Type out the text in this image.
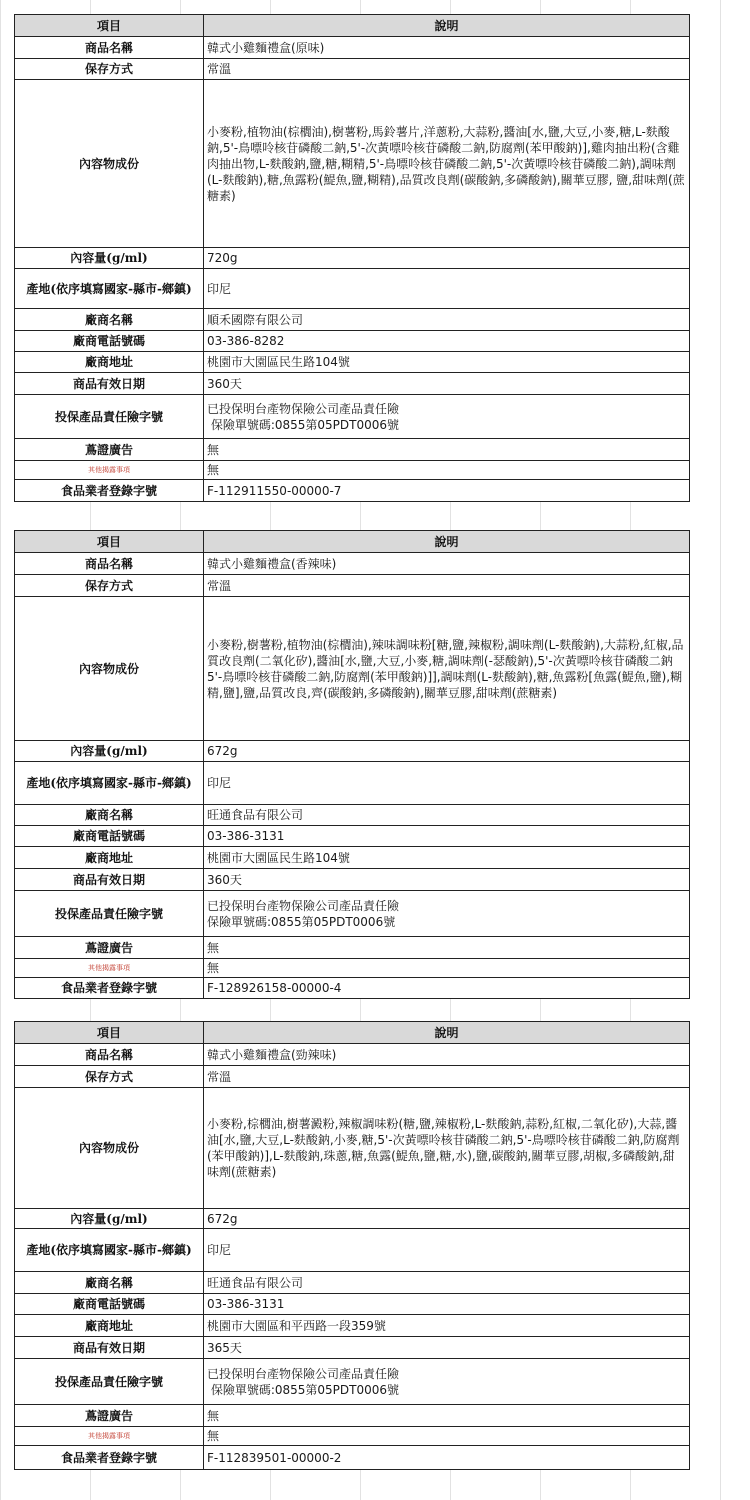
項目	說明
商品名稱	韓式小雞麵禮盒(原味)
保存方式	常溫
內容物成份	小麥粉,植物油(棕櫚油),樹薯粉,馬鈴薯片,洋蔥粉,大蒜粉,醬油[水,鹽,大豆,小麥,糖,L-麩酸鈉,5'-鳥嘌呤核苷磷酸二鈉,5'-次黃嘌呤核苷磷酸二鈉,防腐劑(苯甲酸鈉)],雞肉抽出粉(含雞肉抽出物,L-麩酸鈉,鹽,糖,糊精,5'-鳥嘌呤核苷磷酸二鈉,5'-次黃嘌呤核苷磷酸二鈉),調味劑(L-麩酸鈉),糖,魚露粉(鯷魚,鹽,糊精),品質改良劑(碳酸鈉,多磷酸鈉),關華豆膠, 鹽,甜味劑(蔗糖素)
內容量(g/ml)	720g
產地(依序填寫國家-縣市-鄉鎮)	印尼
廠商名稱	順禾國際有限公司
廠商電話號碼	03-386-8282
廠商地址	桃園市大園區民生路104號
商品有效日期	360天
投保產品責任險字號	已投保明台產物保險公司產品責任險
保險單號碼:0855第05PDT0006號

蔦證廣告	無
其他揭露事項	無
食品業者登錄字號	F-112911550-00000-7
項目	說明
商品名稱	韓式小雞麵禮盒(香辣味)
保存方式	常溫
內容物成份	小麥粉,樹薯粉,植物油(棕櫚油),辣味調味粉[糖,鹽,辣椒粉,調味劑(L-麩酸鈉),大蒜粉,紅椒,品質改良劑(二氧化矽),醬油[水,鹽,大豆,小麥,糖,調味劑(-瑟酸鈉),5'-次黃嘌呤核苷磷酸二鈉5'-鳥嘌呤核苷磷酸二鈉,防腐劑(苯甲酸鈉)]],調味劑(L-麩酸鈉),糖,魚露粉[魚露(鯷魚,鹽),糊精,鹽],鹽,品質改良,齊(碳酸鈉,多磷酸鈉),關華豆膠,甜味劑(蔗糖素)
內容量(g/ml)	672g
產地(依序填寫國家-縣市-鄉鎮)	印尼
廠商名稱	旺通食品有限公司
廠商電話號碼	03-386-3131
廠商地址	桃園市大園區民生路104號
商品有效日期	360天
投保產品責任險字號	已投保明台產物保險公司產品責任險
保險單號碼:0855第05PDT0006號

蔦證廣告	無
其他揭露事項	無
食品業者登錄字號	F-128926158-00000-4
項目	說明
商品名稱	韓式小雞麵禮盒(勁辣味)
保存方式	常溫
內容物成份	小麥粉,棕櫚油,樹薯澱粉,辣椒調味粉(糖,鹽,辣椒粉,L-麩酸鈉,蒜粉,紅椒,二氧化矽),大蒜,醬油[水,鹽,大豆,L-麩酸鈉,小麥,糖,5'-次黃嘌呤核苷磷酸二鈉,5'-鳥嘌呤核苷磷酸二鈉,防腐劑(苯甲酸鈉)],L-麩酸鈉,珠蔥,糖,魚露(鯷魚,鹽,糖,水),鹽,碳酸鈉,關華豆膠,胡椒,多磷酸鈉,甜味劑(蔗糖素)
內容量(g/ml)	672g
產地(依序填寫國家-縣市-鄉鎮)	印尼
廠商名稱	旺通食品有限公司
廠商電話號碼	03-386-3131
廠商地址	桃園市大園區和平西路一段359號
商品有效日期	365天
投保產品責任險字號	已投保明台產物保險公司產品責任險
保險單號碼:0855第05PDT0006號

蔦證廣告	無
其他揭露事項	無
食品業者登錄字號	F-112839501-00000-2
